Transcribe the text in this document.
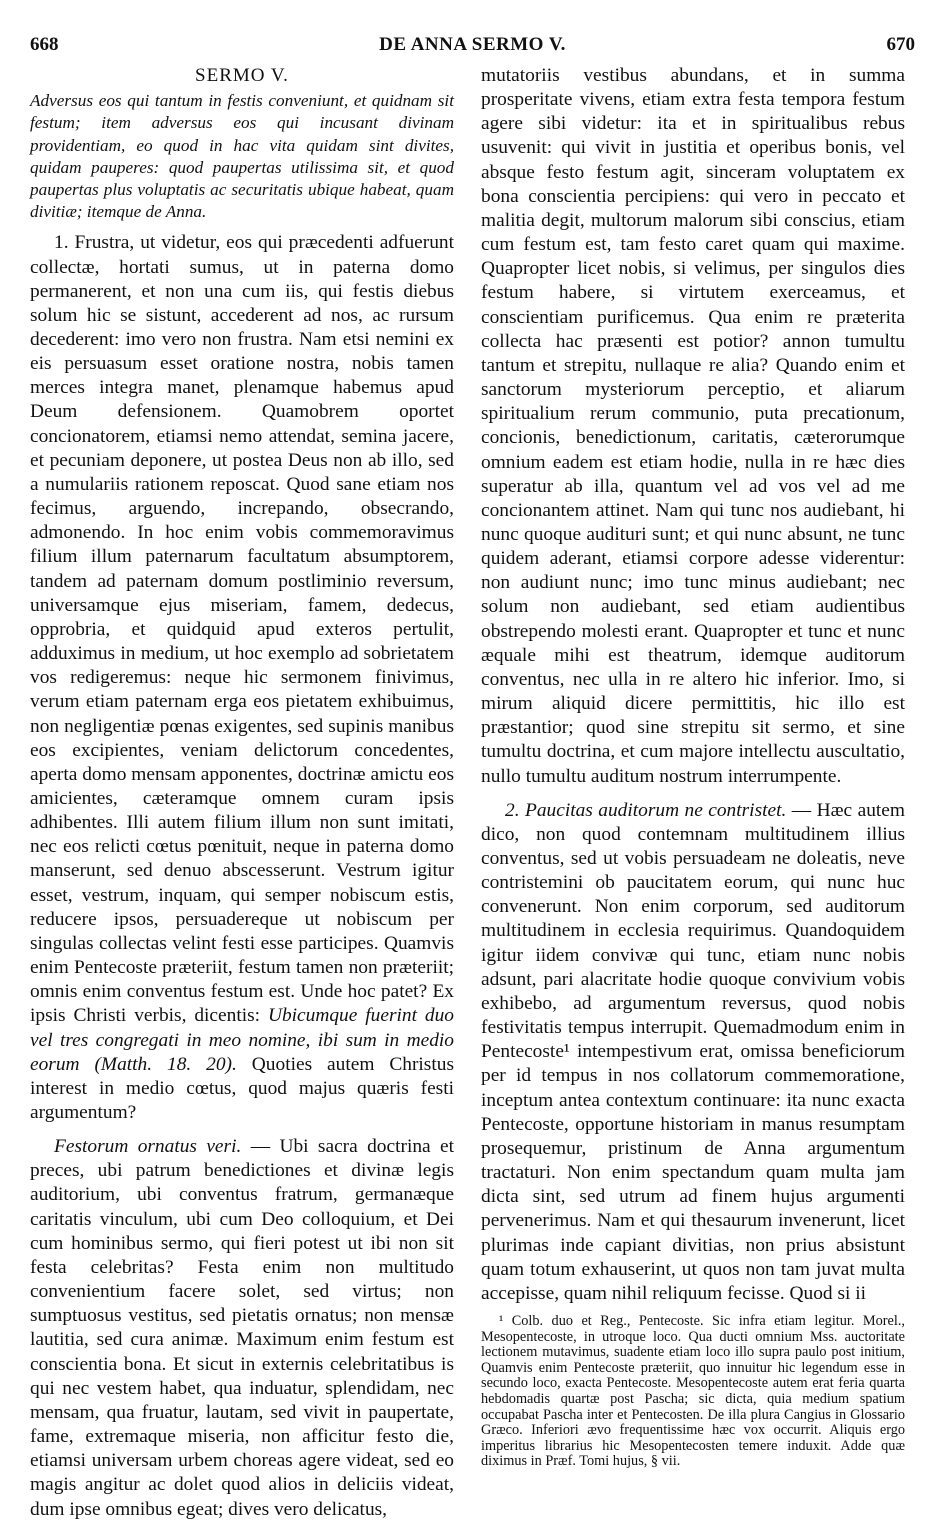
668	DE ANNA SERMO V.	670
SERMO V.
Adversus eos qui tantum in festis conveniunt, et quidnam sit festum; item adversus eos qui incusant divinam providentiam, eo quod in hac vita quidam sint divites, quidam pauperes: quod paupertas utilissima sit, et quod paupertas plus voluptatis ac securitatis ubique habeat, quam divitiæ; itemque de Anna.

1. Frustra, ut videtur, eos qui præcedenti adfuerunt collectæ, hortati sumus, ut in paterna domo permanerent, et non una cum iis, qui festis diebus solum hic se sistunt, accederent ad nos, ac rursum decederent: imo vero non frustra. Nam etsi nemini ex eis persuasum esset oratione nostra, nobis tamen merces integra manet, plenamque habemus apud Deum defensionem. Quamobrem oportet concionatorem, etiamsi nemo attendat, semina jacere, et pecuniam deponere, ut postea Deus non ab illo, sed a numulariis rationem reposcat. Quod sane etiam nos fecimus, arguendo, increpando, obsecrando, admonendo. In hoc enim vobis commemoravimus filium illum paternarum facultatum absumptorem, tandem ad paternam domum postliminio reversum, universamque ejus miseriam, famem, dedecus, opprobria, et quidquid apud exteros pertulit, adduximus in medium, ut hoc exemplo ad sobrietatem vos redigeremus: neque hic sermonem finivimus, verum etiam paternam erga eos pietatem exhibuimus, non negligentiæ pœnas exigentes, sed supinis manibus eos excipientes, veniam delictorum concedentes, aperta domo mensam apponentes, doctrinæ amictu eos amicientes, cæteramque omnem curam ipsis adhibentes. Illi autem filium illum non sunt imitati, nec eos relicti cœtus pœnituit, neque in paterna domo manserunt, sed denuo abscesserunt. Vestrum igitur esset, vestrum, inquam, qui semper nobiscum estis, reducere ipsos, persuadereque ut nobiscum per singulas collectas velint festi esse participes. Quamvis enim Pentecoste præteriit, festum tamen non præteriit; omnis enim conventus festum est. Unde hoc patet? Ex ipsis Christi verbis, dicentis: Ubicumque fuerint duo vel tres congregati in meo nomine, ibi sum in medio eorum (Matth. 18. 20). Quoties autem Christus interest in medio cœtus, quod majus quæris festi argumentum?

Festorum ornatus veri. — Ubi sacra doctrina et preces, ubi patrum benedictiones et divinæ legis auditorium, ubi conventus fratrum, germanæque caritatis vinculum, ubi cum Deo colloquium, et Dei cum hominibus sermo, qui fieri potest ut ibi non sit festa celebritas? Festa enim non multitudo convenientium facere solet, sed virtus; non sumptuosus vestitus, sed pietatis ornatus; non mensæ lautitia, sed cura animæ. Maximum enim festum est conscientia bona. Et sicut in externis celebritatibus is qui nec vestem habet, qua induatur, splendidam, nec mensam, qua fruatur, lautam, sed vivit in paupertate, fame, extremaque miseria, non afficitur festo die, etiamsi universam urbem choreas agere videat, sed eo magis angitur ac dolet quod alios in deliciis videat, dum ipse omnibus egeat; dives vero delicatus,

mutatoriis vestibus abundans, et in summa prosperitate vivens, etiam extra festa tempora festum agere sibi videtur: ita et in spiritualibus rebus usuvenit: qui vivit in justitia et operibus bonis, vel absque festo festum agit, sinceram voluptatem ex bona conscientia percipiens: qui vero in peccato et malitia degit, multorum malorum sibi conscius, etiam cum festum est, tam festo caret quam qui maxime. Quapropter licet nobis, si velimus, per singulos dies festum habere, si virtutem exerceamus, et conscientiam purificemus. Qua enim re præterita collecta hac præsenti est potior? annon tumultu tantum et strepitu, nullaque re alia? Quando enim et sanctorum mysteriorum perceptio, et aliarum spiritualium rerum communio, puta precationum, concionis, benedictionum, caritatis, cæterorumque omnium eadem est etiam hodie, nulla in re hæc dies superatur ab illa, quantum vel ad vos vel ad me concionantem attinet. Nam qui tunc nos audiebant, hi nunc quoque audituri sunt; et qui nunc absunt, ne tunc quidem aderant, etiamsi corpore adesse viderentur: non audiunt nunc; imo tunc minus audiebant; nec solum non audiebant, sed etiam audientibus obstrependo molesti erant. Quapropter et tunc et nunc æquale mihi est theatrum, idemque auditorum conventus, nec ulla in re altero hic inferior. Imo, si mirum aliquid dicere permittitis, hic illo est præstantior; quod sine strepitu sit sermo, et sine tumultu doctrina, et cum majore intellectu auscultatio, nullo tumultu auditum nostrum interrumpente.

2. Paucitas auditorum ne contristet. — Hæc autem dico, non quod contemnam multitudinem illius conventus, sed ut vobis persuadeam ne doleatis, neve contristemini ob paucitatem eorum, qui nunc huc convenerunt. Non enim corporum, sed auditorum multitudinem in ecclesia requirimus. Quandoquidem igitur iidem convivæ qui tunc, etiam nunc nobis adsunt, pari alacritate hodie quoque convivium vobis exhibebo, ad argumentum reversus, quod nobis festivitatis tempus interrupit. Quemadmodum enim in Pentecoste¹ intempestivum erat, omissa beneficiorum per id tempus in nos collatorum commemoratione, inceptum antea contextum continuare: ita nunc exacta Pentecoste, opportune historiam in manus resumptam prosequemur, pristinum de Anna argumentum tractaturi. Non enim spectandum quam multa jam dicta sint, sed utrum ad finem hujus argumenti pervenerimus. Nam et qui thesaurum invenerunt, licet plurimas inde capiant divitias, non prius absistunt quam totum exhauserint, ut quos non tam juvat multa accepisse, quam nihil reliquum fecisse. Quod si ii

¹ Colb. duo et Reg., Pentecoste. Sic infra etiam legitur. Morel., Mesopentecoste, in utroque loco. Qua ducti omnium Mss. auctoritate lectionem mutavimus, suadente etiam loco illo supra paulo post initium, Quamvis enim Pentecoste præteriit, quo innuitur hic legendum esse in secundo loco, exacta Pentecoste. Mesopentecoste autem erat feria quarta hebdomadis quartæ post Pascha; sic dicta, quia medium spatium occupabat Pascha inter et Pentecosten. De illa plura Cangius in Glossario Græco. Inferiori ævo frequentissime hæc vox occurrit. Aliquis ergo imperitus librarius hic Mesopentecosten temere induxit. Adde quæ diximus in Præf. Tomi hujus, § vii.
